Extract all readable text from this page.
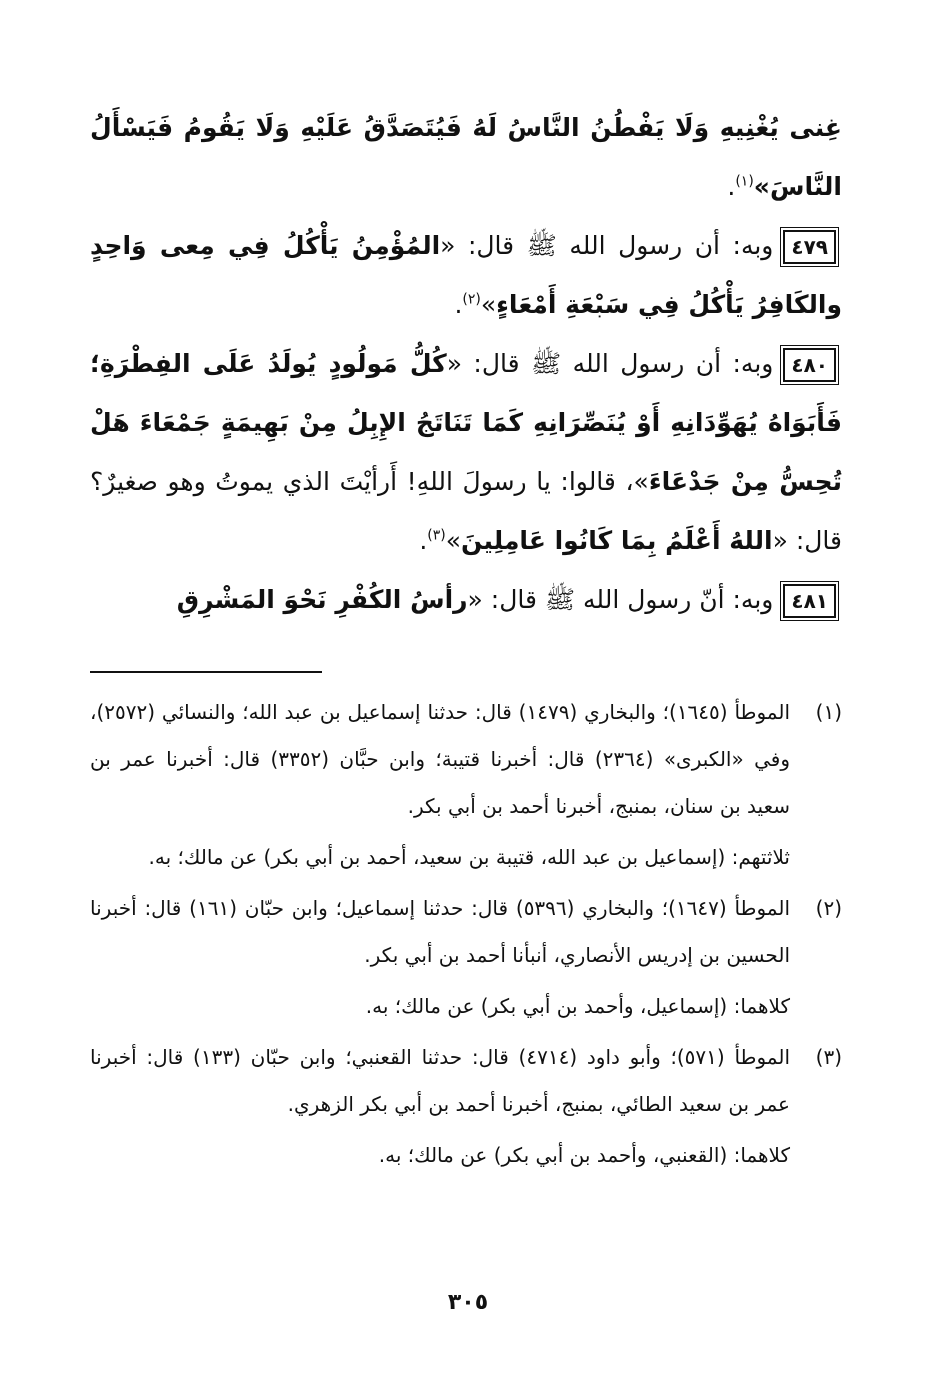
غِنى يُغْنِيهِ وَلَا يَفْطُنُ النَّاسُ لَهُ فَيُتَصَدَّقُ عَلَيْهِ وَلَا يَقُومُ فَيَسْأَلُ النَّاسَ»$^{(١)}$.

٤٧٩وبه: أن رسول الله ﷺ قال: «المُؤْمِنُ يَأْكُلُ فِي مِعى وَاحِدٍ والكَافِرُ يَأْكُلُ فِي سَبْعَةِ أَمْعَاءٍ»$^{(٢)}$.

٤٨٠وبه: أن رسول الله ﷺ قال: «كُلُّ مَولُودٍ يُولَدُ عَلَى الفِطْرَةِ؛ فَأَبَوَاهُ يُهَوِّدَانِهِ أَوْ يُنَصِّرَانِهِ كَمَا تَنَاتَجُ الإِبِلُ مِنْ بَهِيمَةٍ جَمْعَاءَ هَلْ تُحِسُّ مِنْ جَدْعَاءَ»، قالوا: يا رسولَ اللهِ! أَرأيْتَ الذي يموتُ وهو صغيرٌ؟ قال: «اللهُ أَعْلَمُ بِمَا كَانُوا عَامِلِينَ»$^{(٣)}$.

٤٨١وبه: أنّ رسول الله ﷺ قال: «رأسُ الكُفْرِ نَحْوَ المَشْرِقِ

(١)

الموطأ (١٦٤٥)؛ والبخاري (١٤٧٩) قال: حدثنا إسماعيل بن عبد الله؛ والنسائي (٢٥٧٢)، وفي «الكبرى» (٢٣٦٤) قال: أخبرنا قتيبة؛ وابن حبَّان (٣٣٥٢) قال: أخبرنا عمر بن سعيد بن سنان، بمنبج، أخبرنا أحمد بن أبي بكر.

ثلاثتهم: (إسماعيل بن عبد الله، قتيبة بن سعيد، أحمد بن أبي بكر) عن مالك؛ به.

(٢)

الموطأ (١٦٤٧)؛ والبخاري (٥٣٩٦) قال: حدثنا إسماعيل؛ وابن حبّان (١٦١) قال: أخبرنا الحسين بن إدريس الأنصاري، أنبأنا أحمد بن أبي بكر.

كلاهما: (إسماعيل، وأحمد بن أبي بكر) عن مالك؛ به.

(٣)

الموطأ (٥٧١)؛ وأبو داود (٤٧١٤) قال: حدثنا القعنبي؛ وابن حبّان (١٣٣) قال: أخبرنا عمر بن سعيد الطائي، بمنبج، أخبرنا أحمد بن أبي بكر الزهري.

كلاهما: (القعنبي، وأحمد بن أبي بكر) عن مالك؛ به.

٣٠٥
